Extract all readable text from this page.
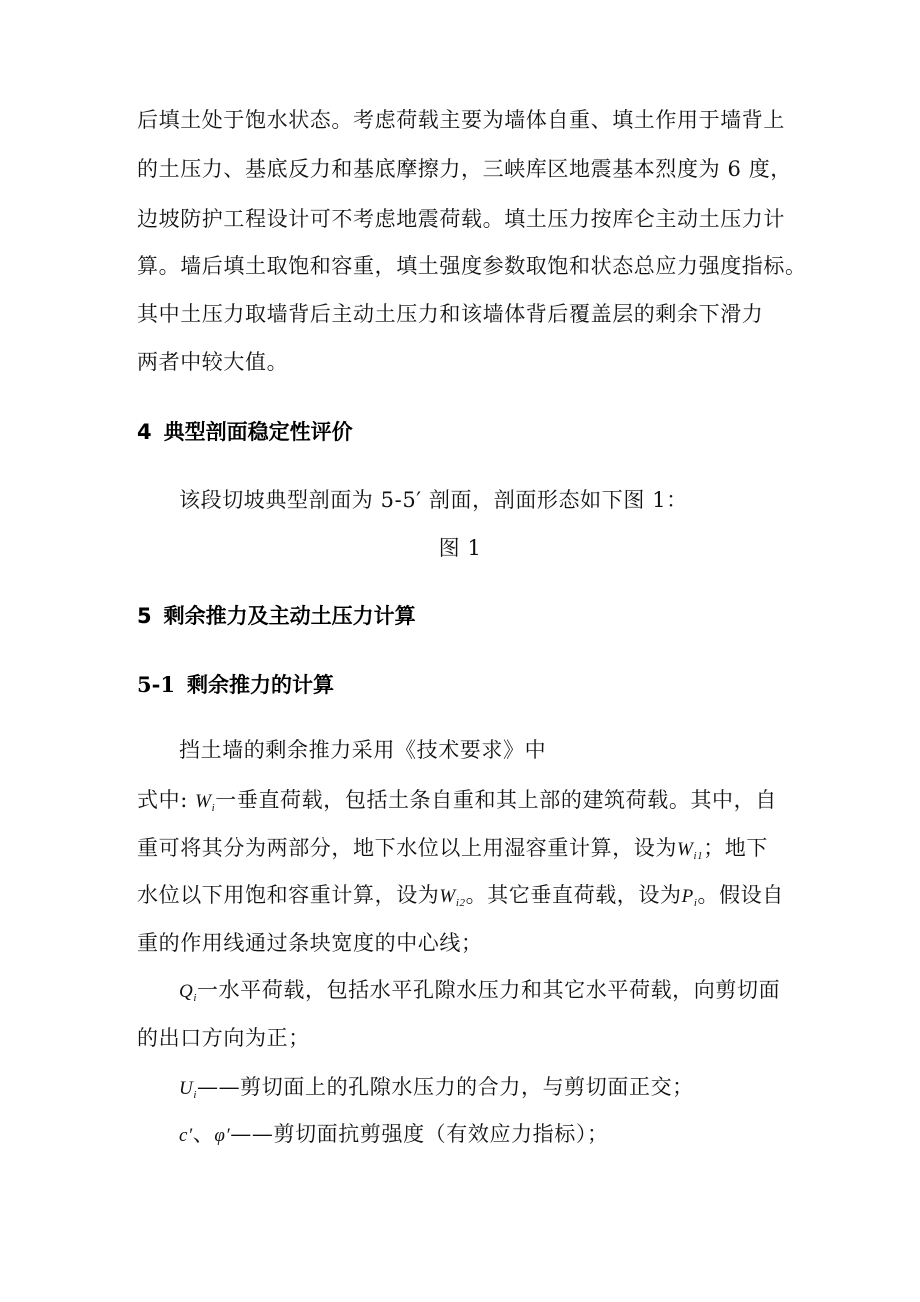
后填土处于饱水状态。考虑荷载主要为墙体自重、填土作用于墙背上
的土压力、基底反力和基底摩擦力，三峡库区地震基本烈度为 6 度，
边坡防护工程设计可不考虑地震荷载。填土压力按库仑主动土压力计
算。墙后填土取饱和容重，填土强度参数取饱和状态总应力强度指标。
其中土压力取墙背后主动土压力和该墙体背后覆盖层的剩余下滑力
两者中较大值。
4 典型剖面稳定性评价
该段切坡典型剖面为 5-5′ 剖面，剖面形态如下图 1：
图 1
5 剩余推力及主动土压力计算
5-1 剩余推力的计算
挡土墙的剩余推力采用《技术要求》中
式中: $W_i$一垂直荷载，包括土条自重和其上部的建筑荷载。其中，自
重可将其分为两部分，地下水位以上用湿容重计算，设为$W_{i1}$；地下
水位以下用饱和容重计算，设为$W_{i2}$。其它垂直荷载，设为$P_i$。假设自
重的作用线通过条块宽度的中心线；
$Q_i$一水平荷载，包括水平孔隙水压力和其它水平荷载，向剪切面
的出口方向为正；
$U_i——$剪切面上的孔隙水压力的合力，与剪切面正交；
c′、φ′——剪切面抗剪强度（有效应力指标）；
